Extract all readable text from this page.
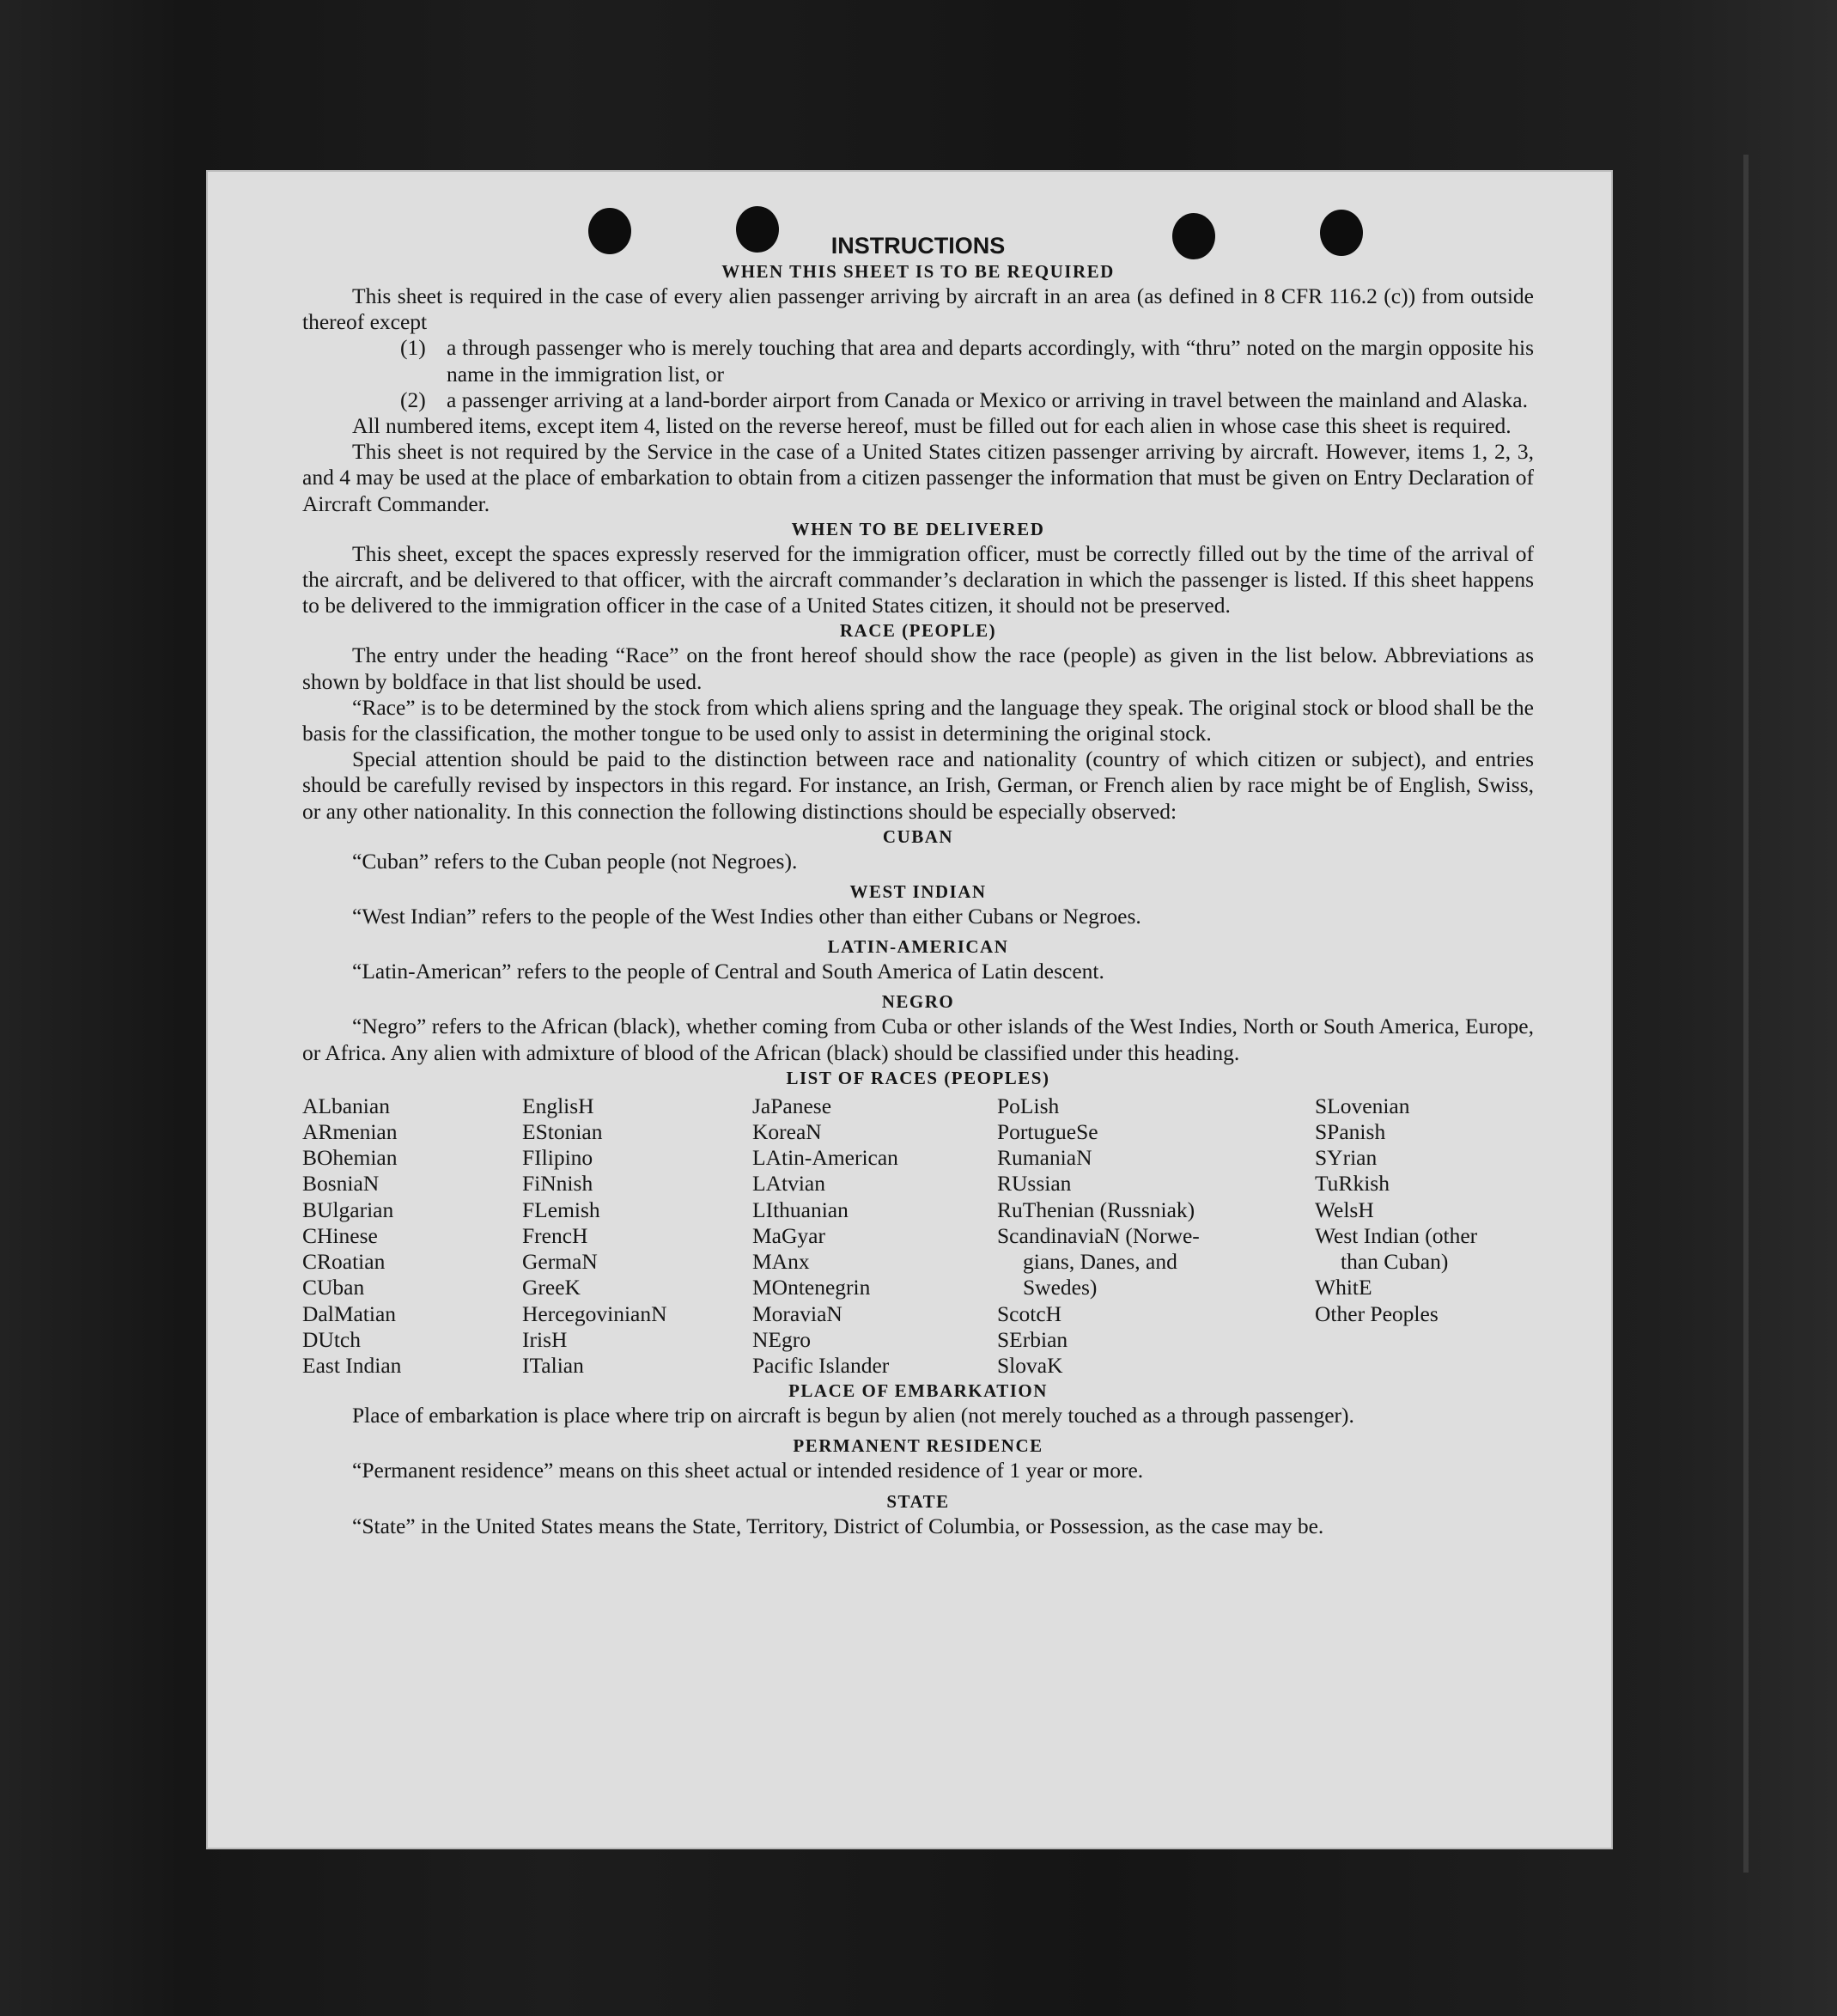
INSTRUCTIONS
WHEN THIS SHEET IS TO BE REQUIRED

This sheet is required in the case of every alien passenger arriving by aircraft in an area (as defined in 8 CFR 116.2 (c)) from outside thereof except

(1) a through passenger who is merely touching that area and departs accordingly, with “thru” noted on the margin opposite his name in the immigration list, or
(2) a passenger arriving at a land-border airport from Canada or Mexico or arriving in travel between the mainland and Alaska.

All numbered items, except item 4, listed on the reverse hereof, must be filled out for each alien in whose case this sheet is required.

This sheet is not required by the Service in the case of a United States citizen passenger arriving by aircraft. However, items 1, 2, 3, and 4 may be used at the place of embarkation to obtain from a citizen passenger the information that must be given on Entry Declaration of Aircraft Commander.

WHEN TO BE DELIVERED

This sheet, except the spaces expressly reserved for the immigration officer, must be correctly filled out by the time of the arrival of the aircraft, and be delivered to that officer, with the aircraft commander’s declaration in which the passenger is listed. If this sheet happens to be delivered to the immigration officer in the case of a United States citizen, it should not be preserved.

RACE (PEOPLE)

The entry under the heading “Race” on the front hereof should show the race (people) as given in the list below. Abbreviations as shown by boldface in that list should be used.

“Race” is to be determined by the stock from which aliens spring and the language they speak. The original stock or blood shall be the basis for the classification, the mother tongue to be used only to assist in determining the original stock.

Special attention should be paid to the distinction between race and nationality (country of which citizen or subject), and entries should be carefully revised by inspectors in this regard. For instance, an Irish, German, or French alien by race might be of English, Swiss, or any other nationality. In this connection the following distinctions should be especially observed:

CUBAN

“Cuban” refers to the Cuban people (not Negroes).

WEST INDIAN

“West Indian” refers to the people of the West Indies other than either Cubans or Negroes.

LATIN-AMERICAN

“Latin-American” refers to the people of Central and South America of Latin descent.

NEGRO

“Negro” refers to the African (black), whether coming from Cuba or other islands of the West Indies, North or South America, Europe, or Africa. Any alien with admixture of blood of the African (black) should be classified under this heading.

LIST OF RACES (PEOPLES)
ALbanian
ARmenian
BOhemian
BosniaN
BUlgarian
CHinese
CRoatian
CUban
DalMatian
DUtch
East Indian
EnglisH
EStonian
FIlipino
FiNnish
FLemish
FrencH
GermaN
GreeK
HercegovinianN
IrisH
ITalian
JaPanese
KoreaN
LAtin-American
LAtvian
LIthuanian
MaGyar
MAnx
MOntenegrin
MoraviaN
NEgro
Pacific Islander
PoLish
PortugueSe
RumaniaN
RUssian
RuThenian (Russniak)
ScandinaviaN (Norwe-
gians, Danes, and
Swedes)
ScotcH
SErbian
SlovaK
SLovenian
SPanish
SYrian
TuRkish
WelsH
West Indian (other
than Cuban)
WhitE
Other Peoples
PLACE OF EMBARKATION

Place of embarkation is place where trip on aircraft is begun by alien (not merely touched as a through passenger).

PERMANENT RESIDENCE

“Permanent residence” means on this sheet actual or intended residence of 1 year or more.

STATE

“State” in the United States means the State, Territory, District of Columbia, or Possession, as the case may be.
